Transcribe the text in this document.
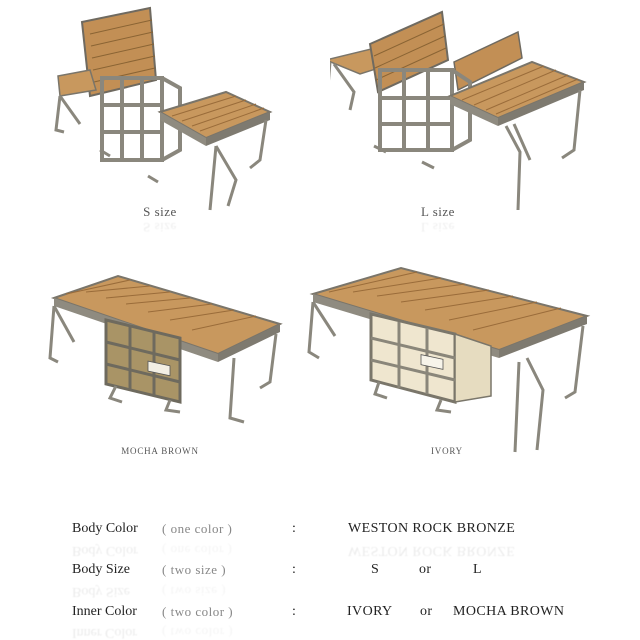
S size
S size
L size
L size
MOCHA BROWN	IVORY
Body Color ( one color )	:	WESTON ROCK BRONZE
Body Color ( one color )	WESTON ROCK BRONZE
Body Size ( two size )	:	S	or	L
Body Size ( two size )
Inner Color ( two color )	:	IVORY or MOCHA BROWN
Inner Color ( two color )
